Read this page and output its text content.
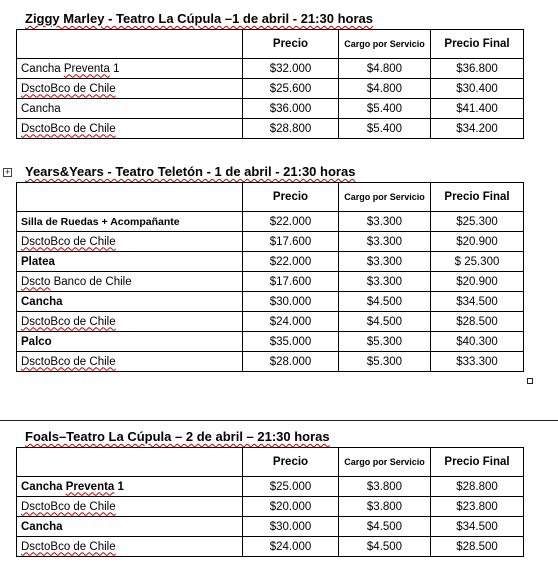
Ziggy Marley - Teatro La Cúpula –1 de abril - 21:30 horas
	Precio	Cargo por Servicio	Precio Final
Cancha Preventa 1	$32.000	$4.800	$36.800
DsctoBco de Chile	$25.600	$4.800	$30.400
Cancha	$36.000	$5.400	$41.400
DsctoBco de Chile	$28.800	$5.400	$34.200
+ Years&Years - Teatro Teletón - 1 de abril - 21:30 horas
	Precio	Cargo por Servicio	Precio Final
Silla de Ruedas + Acompañante	$22.000	$3.300	$25.300
DsctoBco de Chile	$17.600	$3.300	$20.900
Platea	$22.000	$3.300	$ 25.300
Dscto Banco de Chile	$17.600	$3.300	$20.900
Cancha	$30.000	$4.500	$34.500
DsctoBco de Chile	$24.000	$4.500	$28.500
Palco	$35.000	$5.300	$40.300
DsctoBco de Chile	$28.000	$5.300	$33.300
Foals–Teatro La Cúpula – 2 de abril – 21:30 horas
	Precio	Cargo por Servicio	Precio Final
Cancha Preventa 1	$25.000	$3.800	$28.800
DsctoBco de Chile	$20.000	$3.800	$23.800
Cancha	$30.000	$4.500	$34.500
DsctoBco de Chile	$24.000	$4.500	$28.500
